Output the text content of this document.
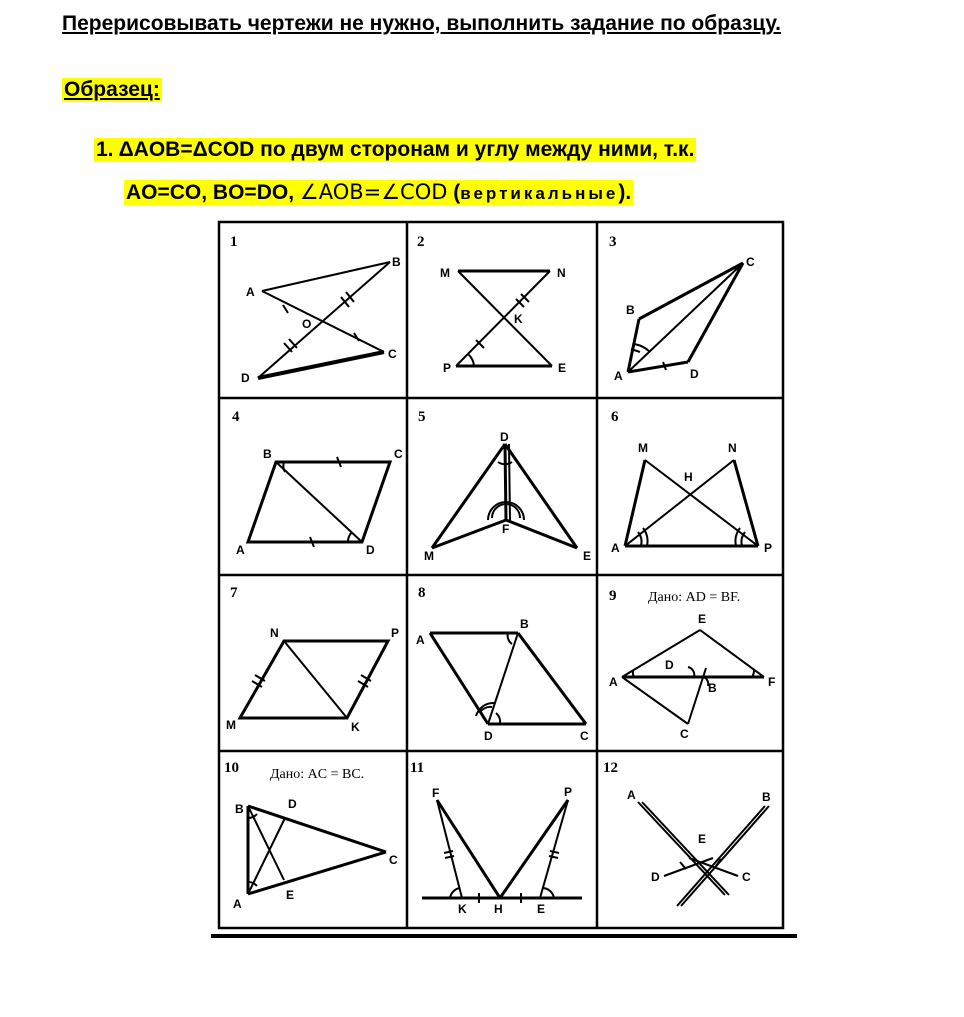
Перерисовывать чертежи не нужно, выполнить задание по образцу.
Образец:
1. ΔAOB=ΔCOD по двум сторонам и углу между ними, т.к.
AO=CO, BO=DO, ∠AOB=∠COD (вертикальные).
1
A
B
C
D
O
2
M	N
K
P	E
3
B
C
A	D
4
B	C
A	D
5
D
F
M	E
6
M	N
H
A	P
7
N	P
M	K
8
A
B
D	C
9 Дано: AD = BF.
E
D
A	B	F
C
10 Дано: AC = BC.
B	D
C
A
E
11
F	P
K H	E
12
A	B
E
D	C
